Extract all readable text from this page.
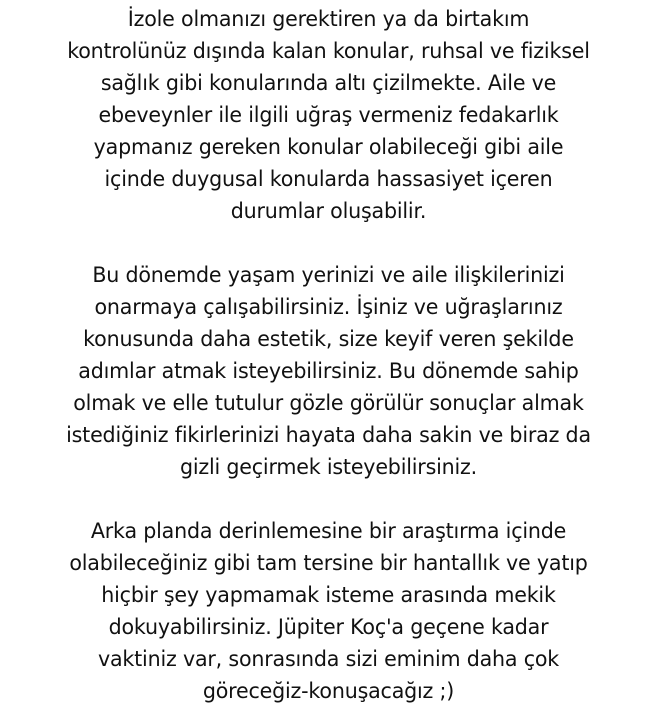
İzole olmanızı gerektiren ya da birtakım
kontrolünüz dışında kalan konular, ruhsal ve fiziksel
sağlık gibi konularında altı çizilmekte. Aile ve
ebeveynler ile ilgili uğraş vermeniz fedakarlık
yapmanız gereken konular olabileceği gibi aile
içinde duygusal konularda hassasiyet içeren
durumlar oluşabilir.

Bu dönemde yaşam yerinizi ve aile ilişkilerinizi
onarmaya çalışabilirsiniz. İşiniz ve uğraşlarınız
konusunda daha estetik, size keyif veren şekilde
adımlar atmak isteyebilirsiniz. Bu dönemde sahip
olmak ve elle tutulur gözle görülür sonuçlar almak
istediğiniz fikirlerinizi hayata daha sakin ve biraz da
gizli geçirmek isteyebilirsiniz.

Arka planda derinlemesine bir araştırma içinde
olabileceğiniz gibi tam tersine bir hantallık ve yatıp
hiçbir şey yapmamak isteme arasında mekik
dokuyabilirsiniz. Jüpiter Koç'a geçene kadar
vaktiniz var, sonrasında sizi eminim daha çok
göreceğiz-konuşacağız ;)
